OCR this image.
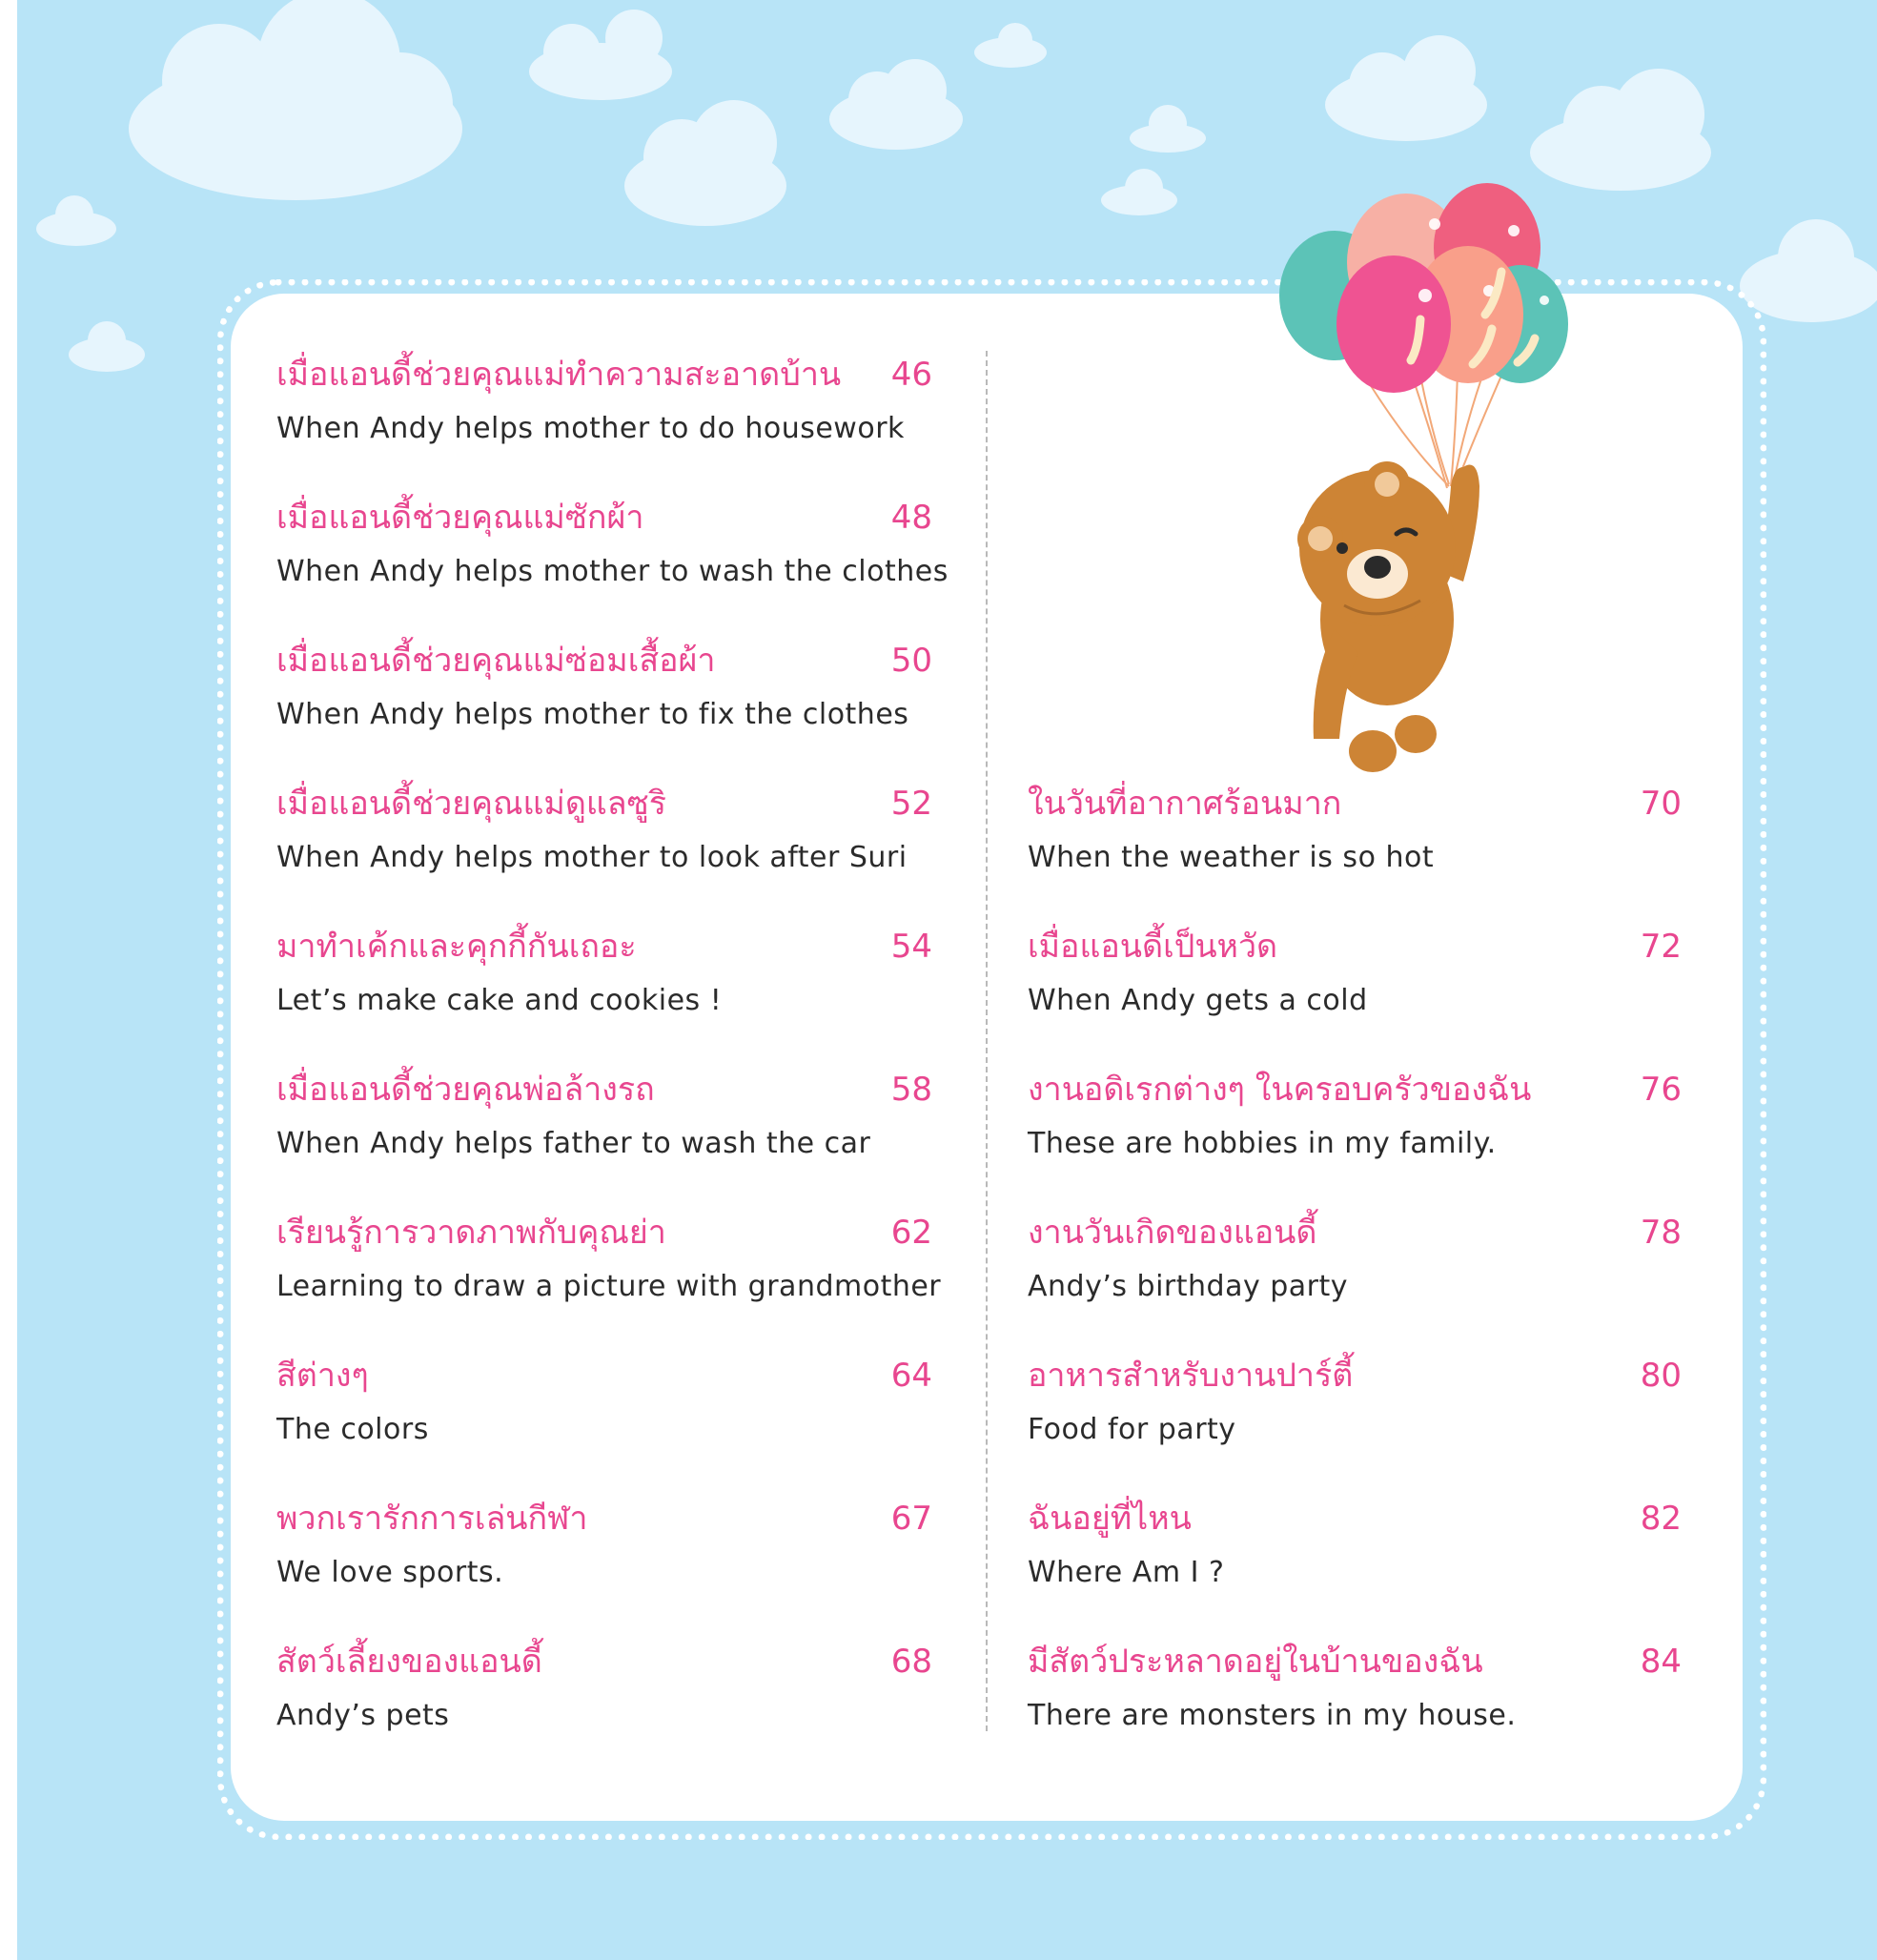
เมื่อแอนดี้ช่วยคุณแม่ทำความสะอาดบ้าน 46
When Andy helps mother to do housework
เมื่อแอนดี้ช่วยคุณแม่ซักผ้า	48
When Andy helps mother to wash the clothes
เมื่อแอนดี้ช่วยคุณแม่ซ่อมเสื้อผ้า	50
When Andy helps mother to fix the clothes
เมื่อแอนดี้ช่วยคุณแม่ดูแลซูริ	52
When Andy helps mother to look after Suri
มาทำเค้กและคุกกี้กันเถอะ	54
Let’s make cake and cookies !
เมื่อแอนดี้ช่วยคุณพ่อล้างรถ	58
When Andy helps father to wash the car
เรียนรู้การวาดภาพกับคุณย่า	62
Learning to draw a picture with grandmother
สีต่างๆ	64
The colors
พวกเรารักการเล่นกีฬา	67
We love sports.
สัตว์เลี้ยงของแอนดี้	68
Andy’s pets
ในวันที่อากาศร้อนมาก	70
When the weather is so hot
เมื่อแอนดี้เป็นหวัด	72
When Andy gets a cold
งานอดิเรกต่างๆ ในครอบครัวของฉัน	76
These are hobbies in my family.
งานวันเกิดของแอนดี้	78
Andy’s birthday party
อาหารสำหรับงานปาร์ตี้	80
Food for party
ฉันอยู่ที่ไหน	82
Where Am I ?
มีสัตว์ประหลาดอยู่ในบ้านของฉัน	84
There are monsters in my house.
